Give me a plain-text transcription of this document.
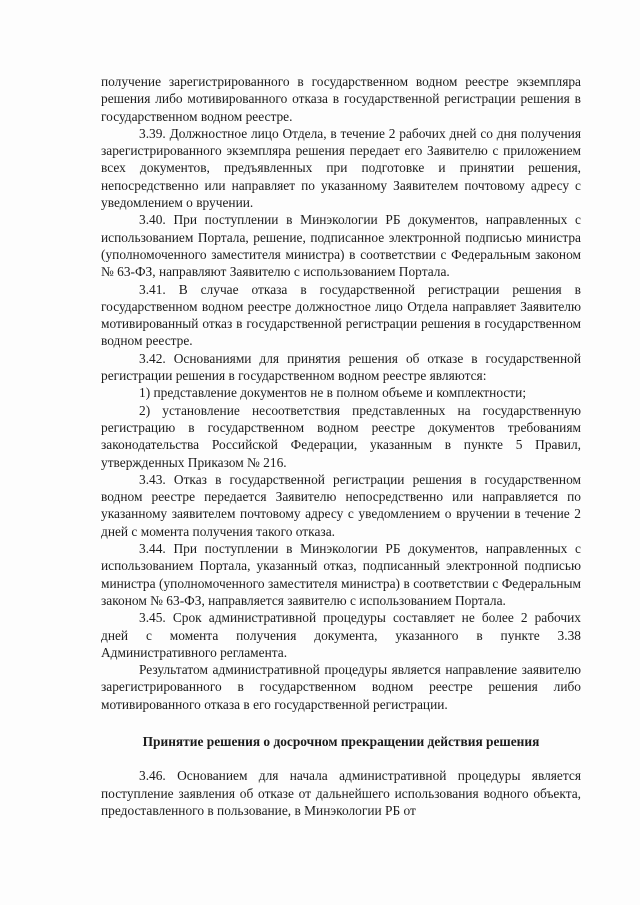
получение зарегистрированного в государственном водном реестре экземпляра решения либо мотивированного отказа в государственной регистрации решения в государственном водном реестре.

3.39. Должностное лицо Отдела, в течение 2 рабочих дней со дня получения зарегистрированного экземпляра решения передает его Заявителю с приложением всех документов, предъявленных при подготовке и принятии решения, непосредственно или направляет по указанному Заявителем почтовому адресу с уведомлением о вручении.

3.40. При поступлении в Минэкологии РБ документов, направленных с использованием Портала, решение, подписанное электронной подписью министра (уполномоченного заместителя министра) в соответствии с Федеральным законом № 63-ФЗ, направляют Заявителю с использованием Портала.

3.41. В случае отказа в государственной регистрации решения в государственном водном реестре должностное лицо Отдела направляет Заявителю мотивированный отказ в государственной регистрации решения в государственном водном реестре.

3.42. Основаниями для принятия решения об отказе в государственной регистрации решения в государственном водном реестре являются:

1) представление документов не в полном объеме и комплектности;

2) установление несоответствия представленных на государственную регистрацию в государственном водном реестре документов требованиям законодательства Российской Федерации, указанным в пункте 5 Правил, утвержденных Приказом № 216.

3.43. Отказ в государственной регистрации решения в государственном водном реестре передается Заявителю непосредственно или направляется по указанному заявителем почтовому адресу с уведомлением о вручении в течение 2 дней с момента получения такого отказа.

3.44. При поступлении в Минэкологии РБ документов, направленных с использованием Портала, указанный отказ, подписанный электронной подписью министра (уполномоченного заместителя министра) в соответствии с Федеральным законом № 63-ФЗ, направляется заявителю с использованием Портала.

3.45. Срок административной процедуры составляет не более 2 рабочих дней с момента получения документа, указанного в пункте 3.38 Административного регламента.

Результатом административной процедуры является направление заявителю зарегистрированного в государственном водном реестре решения либо мотивированного отказа в его государственной регистрации.

Принятие решения о досрочном прекращении действия решения

3.46. Основанием для начала административной процедуры является поступление заявления об отказе от дальнейшего использования водного объекта, предоставленного в пользование, в Минэкологии РБ от
